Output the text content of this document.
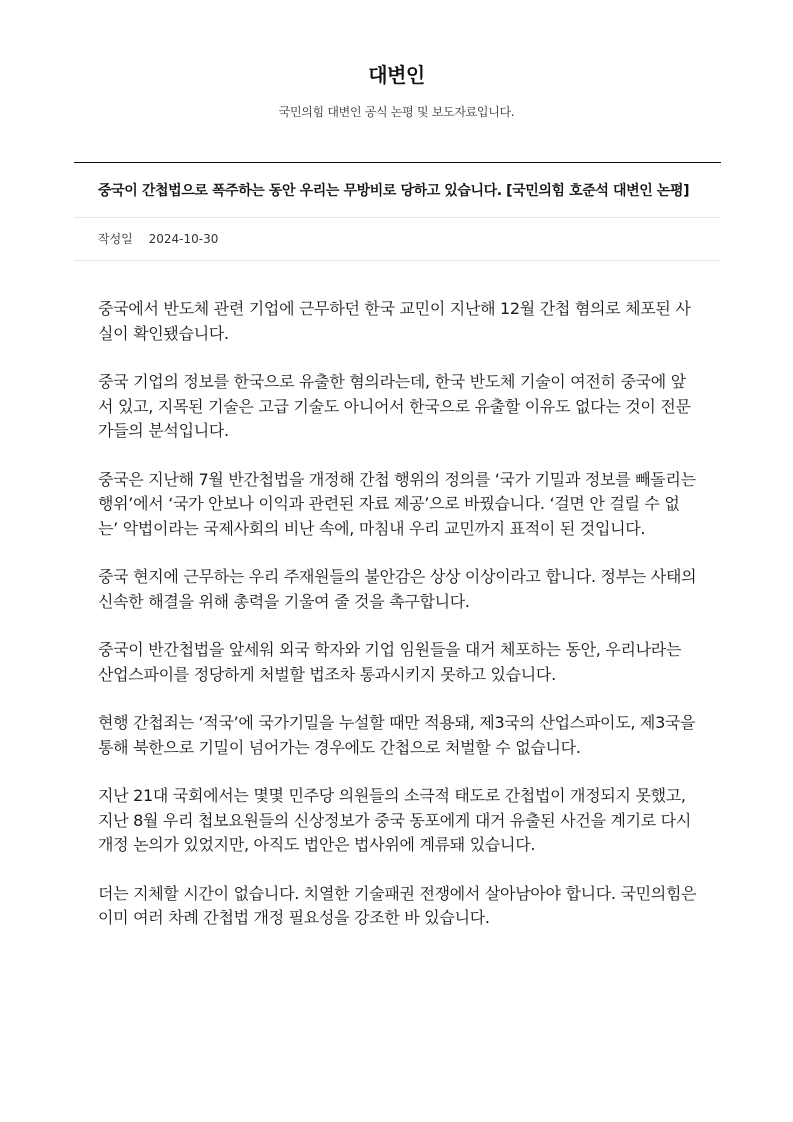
대변인
국민의힘 대변인 공식 논평 및 보도자료입니다.
중국이 간첩법으로 폭주하는 동안 우리는 무방비로 당하고 있습니다. [국민의힘 호준석 대변인 논평]
작성일 2024-10-30

중국에서 반도체 관련 기업에 근무하던 한국 교민이 지난해 12월 간첩 혐의로 체포된 사실이 확인됐습니다.

중국 기업의 정보를 한국으로 유출한 혐의라는데, 한국 반도체 기술이 여전히 중국에 앞서 있고, 지목된 기술은 고급 기술도 아니어서 한국으로 유출할 이유도 없다는 것이 전문가들의 분석입니다.

중국은 지난해 7월 반간첩법을 개정해 간첩 행위의 정의를 ‘국가 기밀과 정보를 빼돌리는 행위’에서 ‘국가 안보나 이익과 관련된 자료 제공’으로 바꿨습니다. ‘걸면 안 걸릴 수 없는’ 악법이라는 국제사회의 비난 속에, 마침내 우리 교민까지 표적이 된 것입니다.

중국 현지에 근무하는 우리 주재원들의 불안감은 상상 이상이라고 합니다. 정부는 사태의 신속한 해결을 위해 총력을 기울여 줄 것을 촉구합니다.

중국이 반간첩법을 앞세워 외국 학자와 기업 임원들을 대거 체포하는 동안, 우리나라는 산업스파이를 정당하게 처벌할 법조차 통과시키지 못하고 있습니다.

현행 간첩죄는 ‘적국’에 국가기밀을 누설할 때만 적용돼, 제3국의 산업스파이도, 제3국을 통해 북한으로 기밀이 넘어가는 경우에도 간첩으로 처벌할 수 없습니다.

지난 21대 국회에서는 몇몇 민주당 의원들의 소극적 태도로 간첩법이 개정되지 못했고, 지난 8월 우리 첩보요원들의 신상정보가 중국 동포에게 대거 유출된 사건을 계기로 다시 개정 논의가 있었지만, 아직도 법안은 법사위에 계류돼 있습니다.

더는 지체할 시간이 없습니다. 치열한 기술패권 전쟁에서 살아남아야 합니다. 국민의힘은 이미 여러 차례 간첩법 개정 필요성을 강조한 바 있습니다.
